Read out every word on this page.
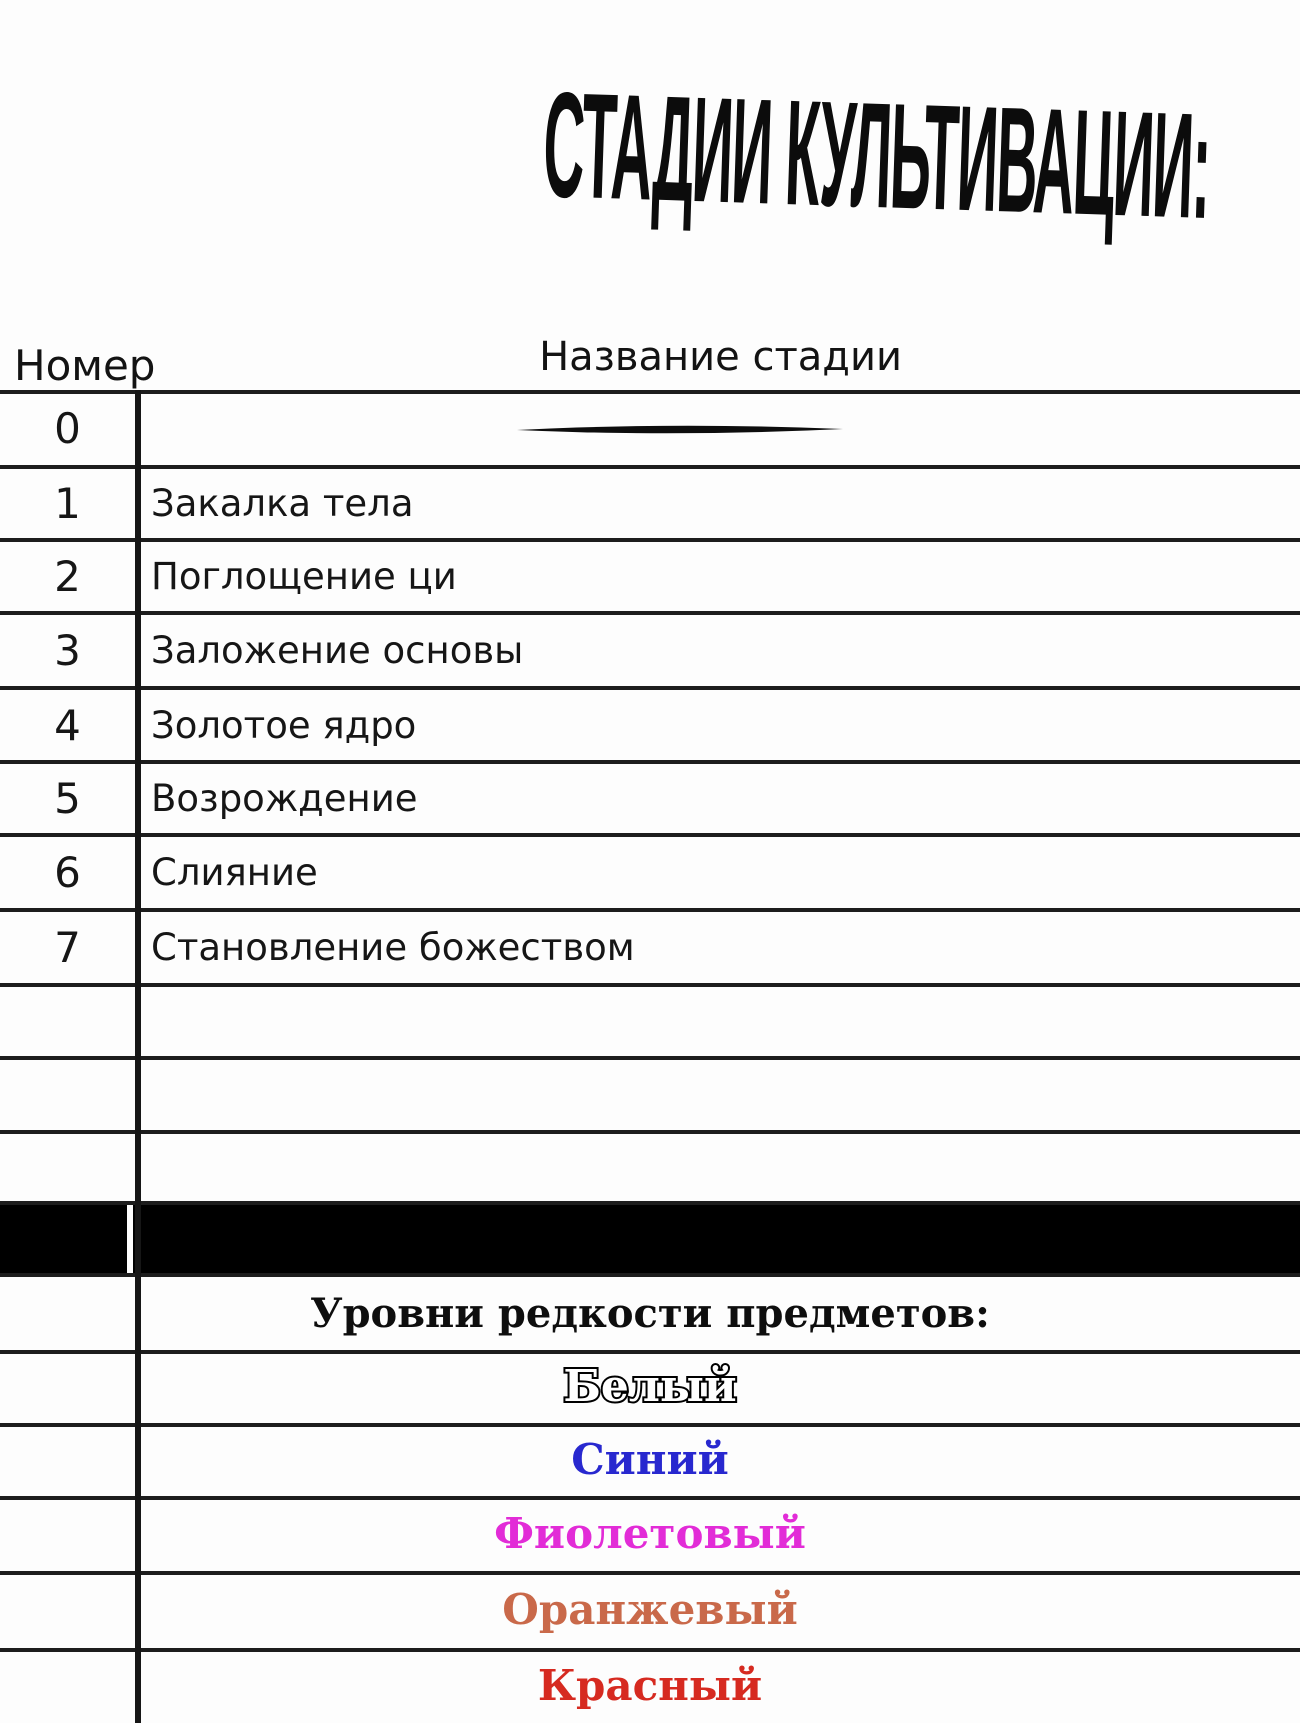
СТАДИИ КУЛЬТИВАЦИИ:
Номер	Название стадии
0
1	Закалка тела
2	Поглощение ци
3	Заложение основы
4	Золотое ядро
5	Возрождение
6	Слияние
7	Становление божеством
Уровни редкости предметов:
Белый
Синий
Фиолетовый
Оранжевый
Красный
